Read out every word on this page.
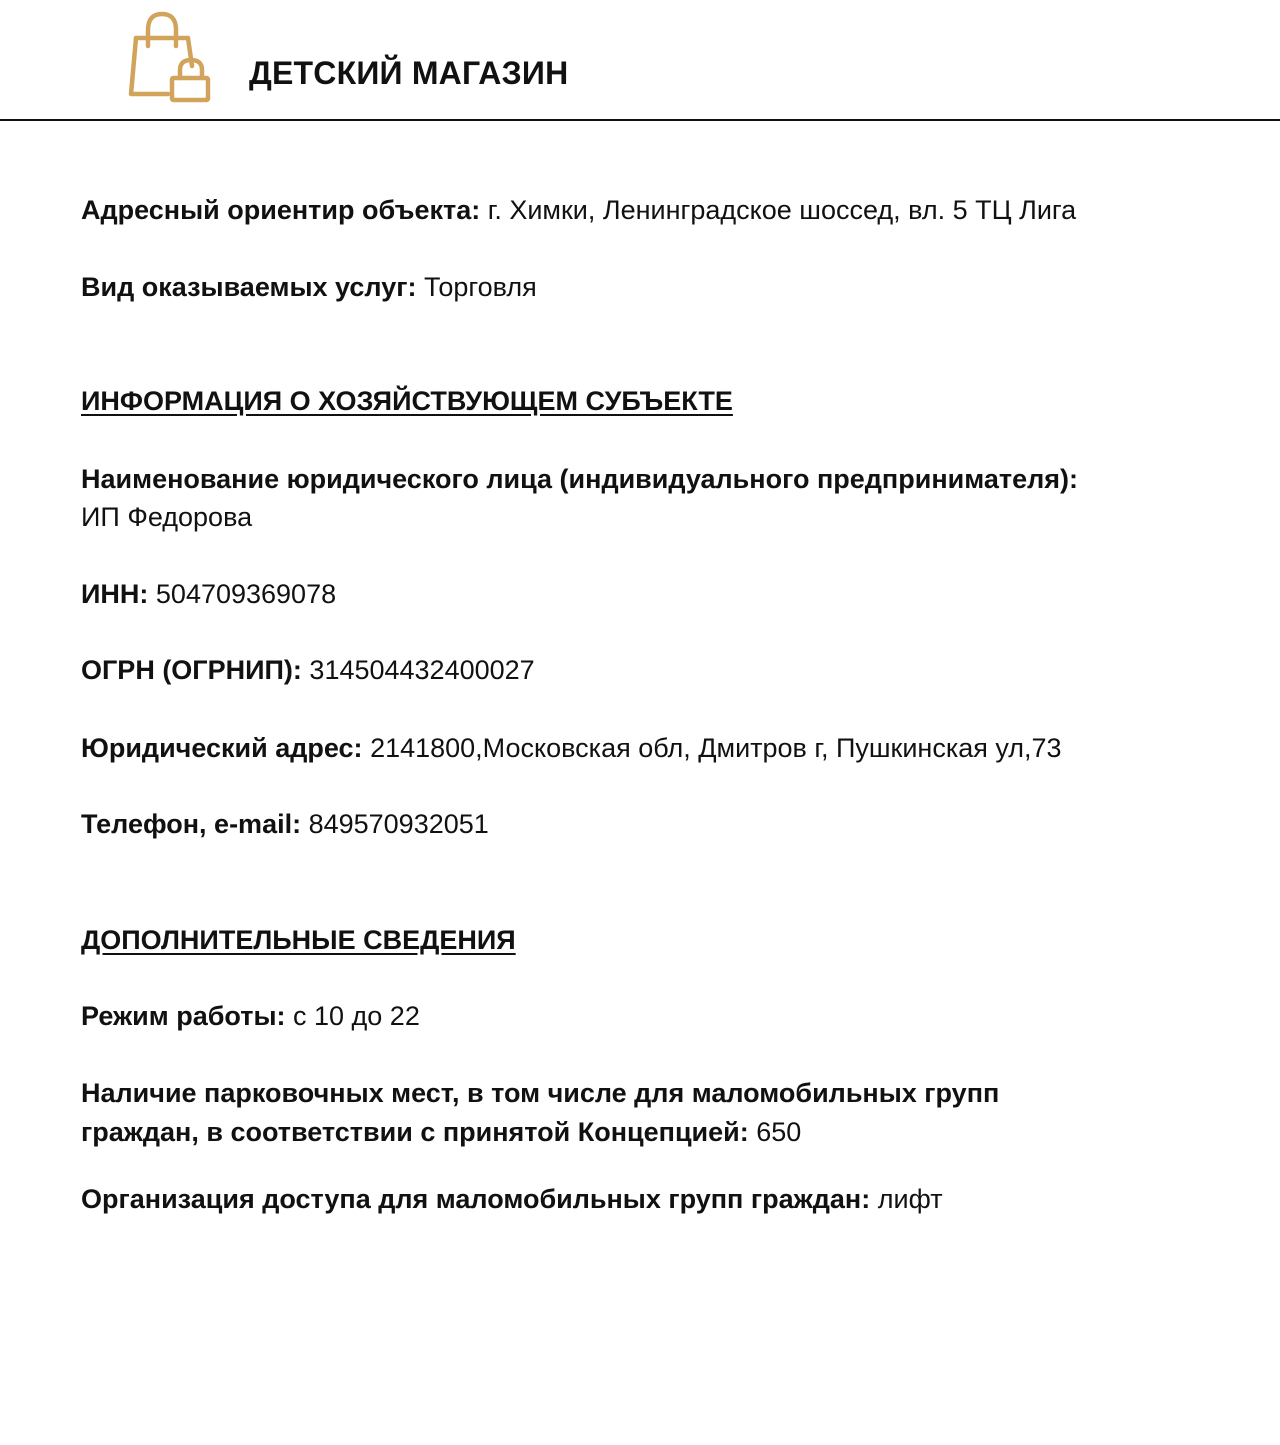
ДЕТСКИЙ МАГАЗИН
Адресный ориентир объекта: г. Химки, Ленинградское шоссед, вл. 5 ТЦ Лига
Вид оказываемых услуг: Торговля
ИНФОРМАЦИЯ О ХОЗЯЙСТВУЮЩЕМ СУБЪЕКТЕ
Наименование юридического лица (индивидуального предпринимателя):
ИП Федорова
ИНН: 504709369078
ОГРН (ОГРНИП): 314504432400027
Юридический адрес: 2141800,Московская обл, Дмитров г, Пушкинская ул,73
Телефон, e-mail: 849570932051
ДОПОЛНИТЕЛЬНЫЕ СВЕДЕНИЯ
Режим работы: с 10 до 22
Наличие парковочных мест, в том числе для маломобильных групп
граждан, в соответствии с принятой Концепцией: 650
Организация доступа для маломобильных групп граждан: лифт
